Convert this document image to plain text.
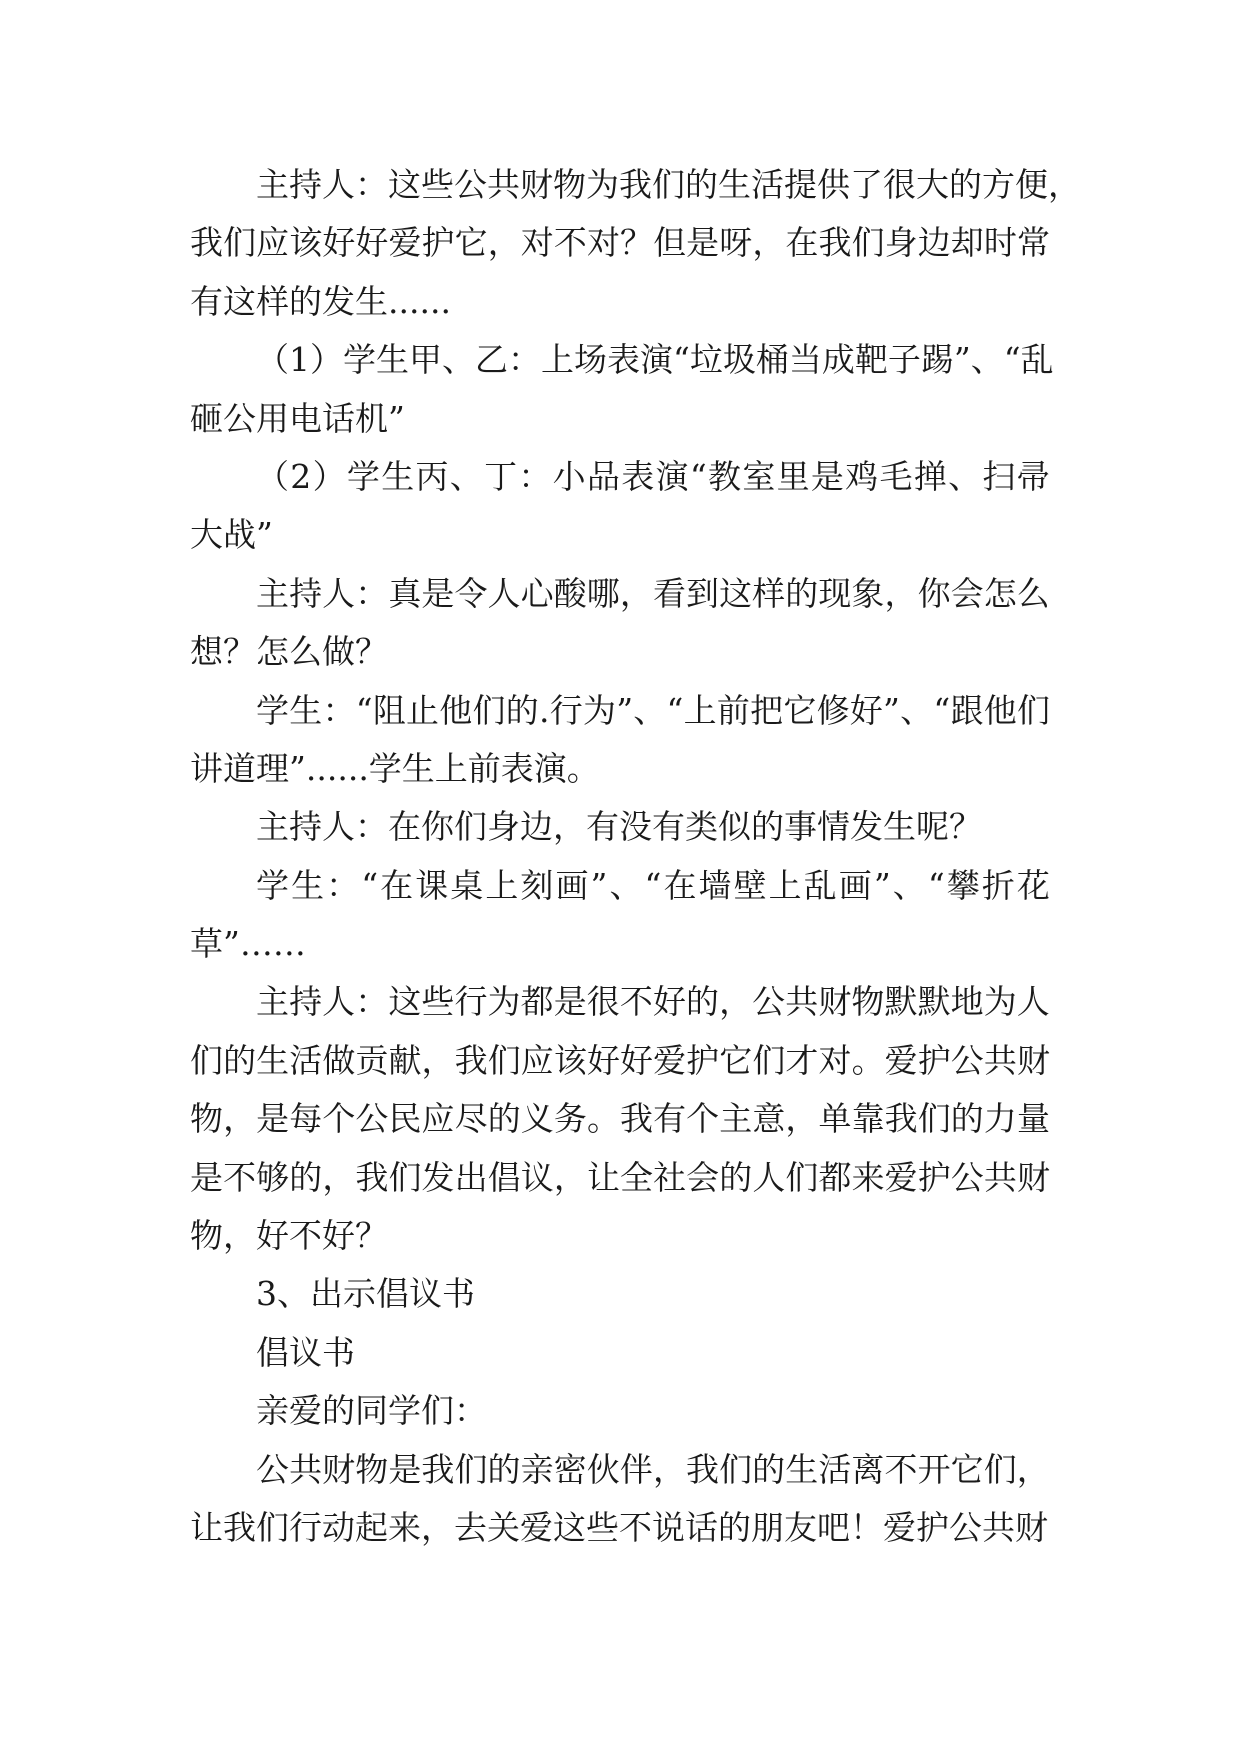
主 持 人 ： 这 些 公 共 财 物 为 我 们 的 生 活 提 供 了 很 大 的 方 便 ，
我 们 应 该 好 好 爱 护 它 ， 对 不 对 ？ 但 是 呀 ， 在 我 们 身 边 却 时 常
有这样的发生......
（ 1 ） 学 生 甲 、 乙 ： 上 场 表 演 “ 垃 圾 桶 当 成 靶 子 踢 ” 、 “ 乱
砸公用电话机”
（ 2 ） 学 生 丙 、 丁 ： 小 品 表 演 “ 教 室 里 是 鸡 毛 掸 、 扫 帚
大战”
主 持 人 ： 真 是 令 人 心 酸 哪 ， 看 到 这 样 的 现 象 ， 你 会 怎 么
想？怎么做？
学 生 ： “ 阻 止 他 们 的 . 行 为 ” 、 “ 上 前 把 它 修 好 ” 、 “ 跟 他 们
讲道理”......学生上前表演。
主持人：在你们身边，有没有类似的事情发生呢？
学 生 ： “ 在 课 桌 上 刻 画 ” 、 “ 在 墙 壁 上 乱 画 ” 、 “ 攀 折 花
草”……
主 持 人 ： 这 些 行 为 都 是 很 不 好 的 ， 公 共 财 物 默 默 地 为 人
们 的 生 活 做 贡 献 ， 我 们 应 该 好 好 爱 护 它 们 才 对 。 爱 护 公 共 财
物 ， 是 每 个 公 民 应 尽 的 义 务 。 我 有 个 主 意 ， 单 靠 我 们 的 力 量
是 不 够 的 ， 我 们 发 出 倡 议 ， 让 全 社 会 的 人 们 都 来 爱 护 公 共 财
物，好不好？
3、出示倡议书
倡议书
亲爱的同学们：
公 共 财 物 是 我 们 的 亲 密 伙 伴 ， 我 们 的 生 活 离 不 开 它 们 ，
让我们行动起来，去关爱这些不说话的朋友吧！爱护公共财
